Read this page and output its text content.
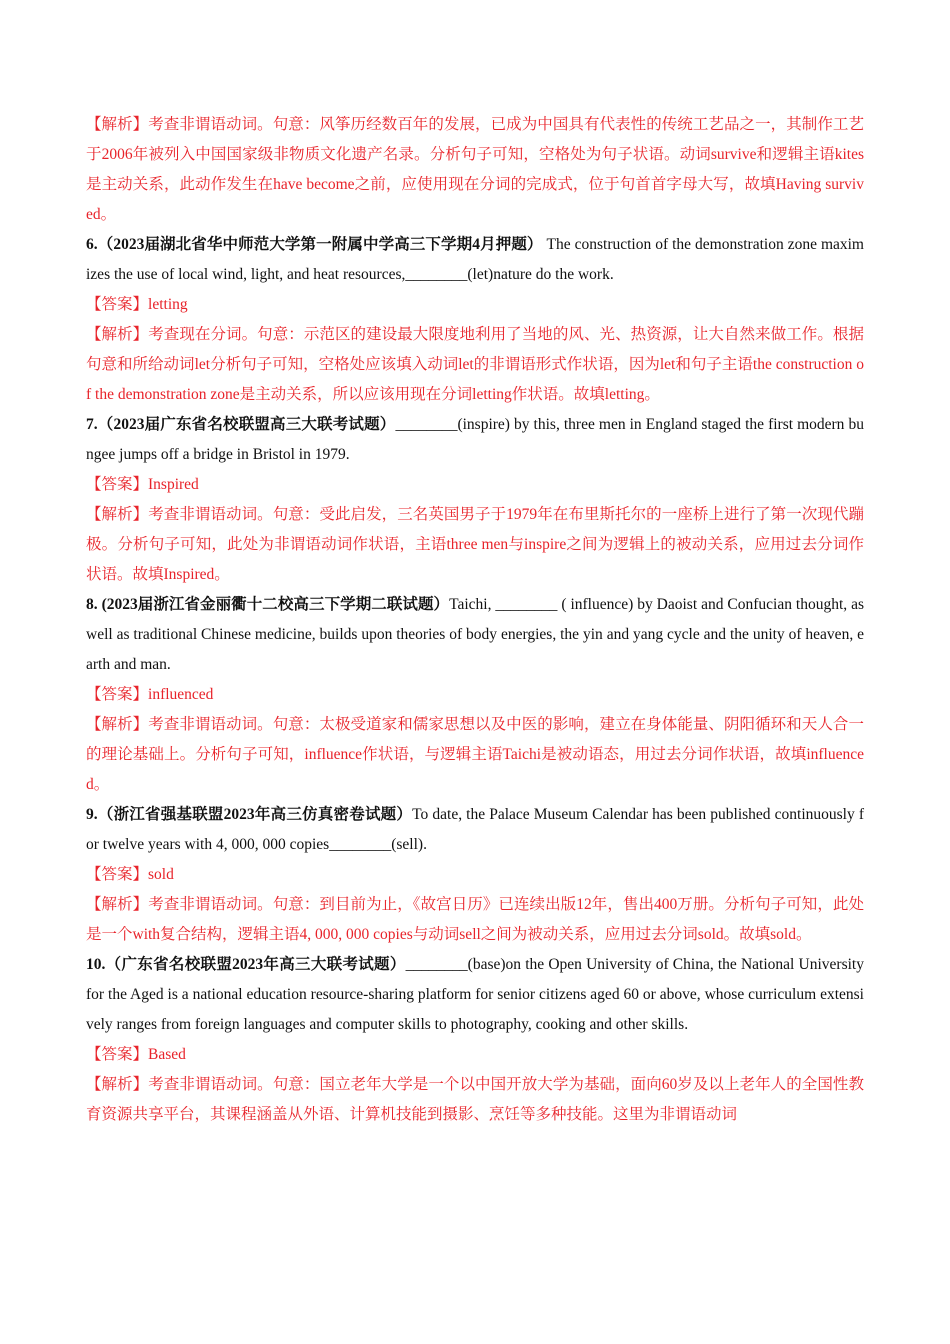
【解析】考查非谓语动词。句意：风筝历经数百年的发展，已成为中国具有代表性的传统工艺品之一，其制作工艺于2006年被列入中国国家级非物质文化遗产名录。分析句子可知，空格处为句子状语。动词survive和逻辑主语kites是主动关系，此动作发生在have become之前，应使用现在分词的完成式，位于句首首字母大写，故填Having survived。

6.（2023届湖北省华中师范大学第一附属中学高三下学期4月押题） The construction of the demonstration zone maximizes the use of local wind, light, and heat resources,________(let)nature do the work.

【答案】letting

【解析】考查现在分词。句意：示范区的建设最大限度地利用了当地的风、光、热资源，让大自然来做工作。根据句意和所给动词let分析句子可知，空格处应该填入动词let的非谓语形式作状语，因为let和句子主语the construction of the demonstration zone是主动关系，所以应该用现在分词letting作状语。故填letting。

7.（2023届广东省名校联盟高三大联考试题）________(inspire) by this, three men in England staged the first modern bungee jumps off a bridge in Bristol in 1979.

【答案】Inspired

【解析】考查非谓语动词。句意：受此启发，三名英国男子于1979年在布里斯托尔的一座桥上进行了第一次现代蹦极。分析句子可知，此处为非谓语动词作状语，主语three men与inspire之间为逻辑上的被动关系，应用过去分词作状语。故填Inspired。

8. (2023届浙江省金丽衢十二校高三下学期二联试题）Taichi, ________ ( influence) by Daoist and Confucian thought, as well as traditional Chinese medicine, builds upon theories of body energies, the yin and yang cycle and the unity of heaven, earth and man.

【答案】influenced

【解析】考查非谓语动词。句意：太极受道家和儒家思想以及中医的影响，建立在身体能量、阴阳循环和天人合一的理论基础上。分析句子可知，influence作状语，与逻辑主语Taichi是被动语态，用过去分词作状语，故填influenced。

9.（浙江省强基联盟2023年高三仿真密卷试题）To date, the Palace Museum Calendar has been published continuously for twelve years with 4, 000, 000 copies________(sell).

【答案】sold

【解析】考查非谓语动词。句意：到目前为止，《故宫日历》已连续出版12年，售出400万册。分析句子可知，此处是一个with复合结构，逻辑主语4, 000, 000 copies与动词sell之间为被动关系，应用过去分词sold。故填sold。

10.（广东省名校联盟2023年高三大联考试题）________(base)on the Open University of China, the National University for the Aged is a national education resource-sharing platform for senior citizens aged 60 or above, whose curriculum extensively ranges from foreign languages and computer skills to photography, cooking and other skills.

【答案】Based

【解析】考查非谓语动词。句意：国立老年大学是一个以中国开放大学为基础，面向60岁及以上老年人的全国性教育资源共享平台，其课程涵盖从外语、计算机技能到摄影、烹饪等多种技能。这里为非谓语动词
